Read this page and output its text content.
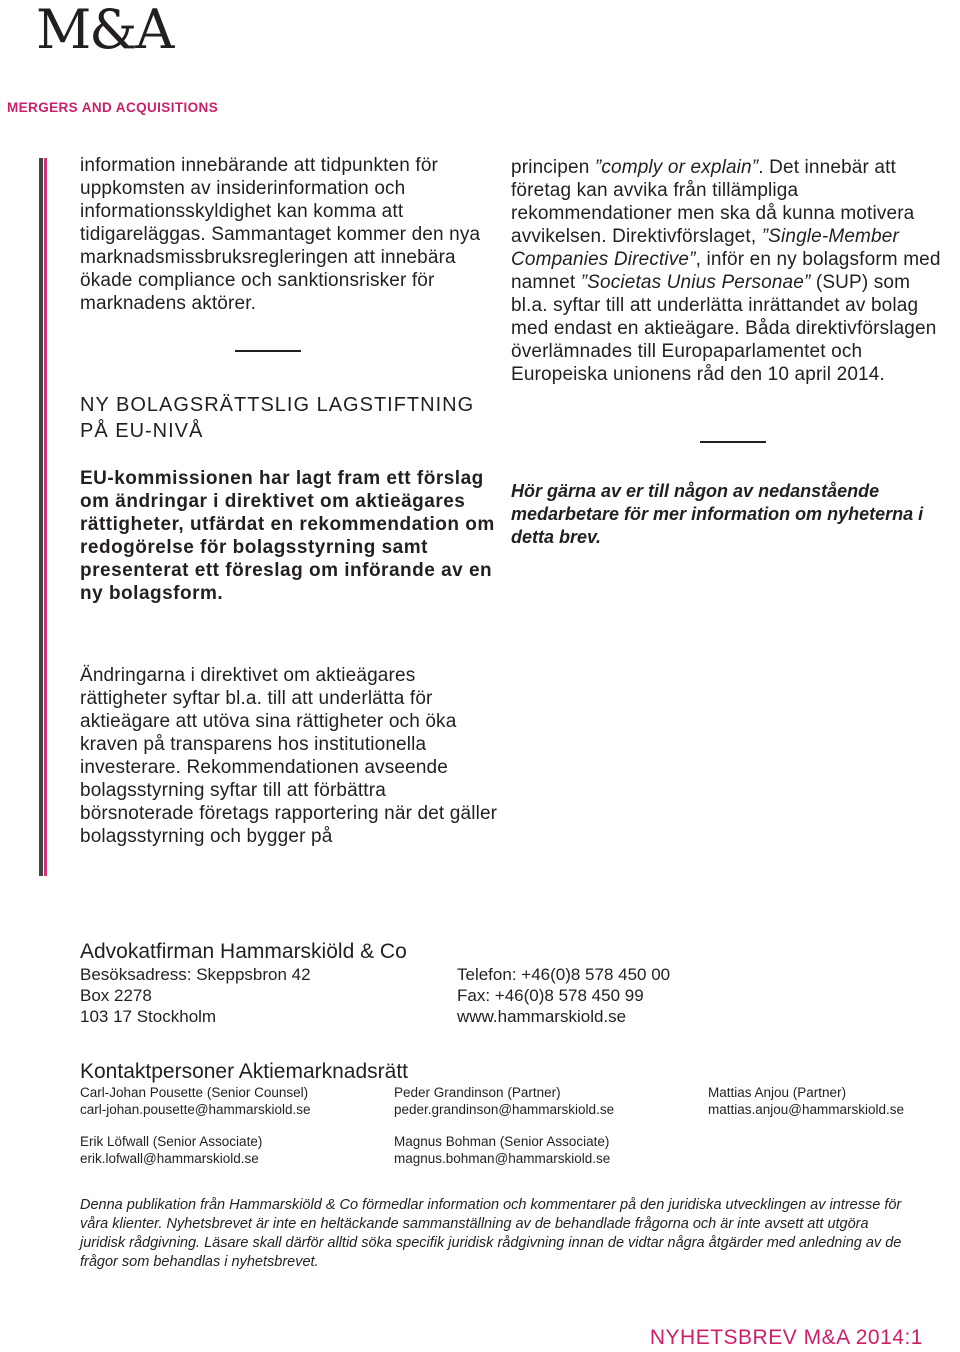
M&A
MERGERS AND ACQUISITIONS

information innebärande att tidpunkten för uppkomsten av insiderinformation och informationsskyldighet kan komma att tidigareläggas. Sammantaget kommer den nya marknadsmissbruksregleringen att innebära ökade compliance och sanktionsrisker för marknadens aktörer.

NY BOLAGSRÄTTSLIG LAGSTIFTNING
PÅ EU-NIVÅ

EU-kommissionen har lagt fram ett förslag om ändringar i direktivet om aktieägares rättigheter, utfärdat en rekommendation om redogörelse för bolagsstyrning samt presenterat ett föreslag om införande av en ny bolagsform.

Ändringarna i direktivet om aktieägares rättigheter syftar bl.a. till att underlätta för aktieägare att utöva sina rättigheter och öka kraven på transparens hos institutionella investerare. Rekommendationen avseende bolagsstyrning syftar till att förbättra börsnoterade företags rapportering när det gäller bolagsstyrning och bygger på

principen ”comply or explain”. Det innebär att företag kan avvika från tillämpliga rekommendationer men ska då kunna motivera avvikelsen. Direktivförslaget, ”Single-Member Companies Directive”, inför en ny bolagsform med namnet ”Societas Unius Personae” (SUP) som bl.a. syftar till att underlätta inrättandet av bolag med endast en aktieägare. Båda direktivförslagen överlämnades till Europaparlamentet och Europeiska unionens råd den 10 april 2014.

Hör gärna av er till någon av nedanstående medarbetare för mer information om nyheterna i detta brev.
Advokatfirman Hammarskiöld & Co

Besöksadress: Skeppsbron 42

Box 2278

103 17 Stockholm

Telefon: +46(0)8 578 450 00

Fax: +46(0)8 578 450 99

www.hammarskiold.se

Kontaktpersoner Aktiemarknadsrätt

Carl-Johan Pousette (Senior Counsel)

carl-johan.pousette@hammarskiold.se

Peder Grandinson (Partner)

peder.grandinson@hammarskiold.se

Mattias Anjou (Partner)

mattias.anjou@hammarskiold.se

Erik Löfwall (Senior Associate)

erik.lofwall@hammarskiold.se

Magnus Bohman (Senior Associate)

magnus.bohman@hammarskiold.se

Denna publikation från Hammarskiöld & Co förmedlar information och kommentarer på den juridiska utvecklingen av intresse för våra klienter. Nyhetsbrevet är inte en heltäckande sammanställning av de behandlade frågorna och är inte avsett att utgöra juridisk rådgivning. Läsare skall därför alltid söka specifik juridisk rådgivning innan de vidtar några åtgärder med anledning av de frågor som behandlas i nyhetsbrevet.
NYHETSBREV M&A 2014:1
